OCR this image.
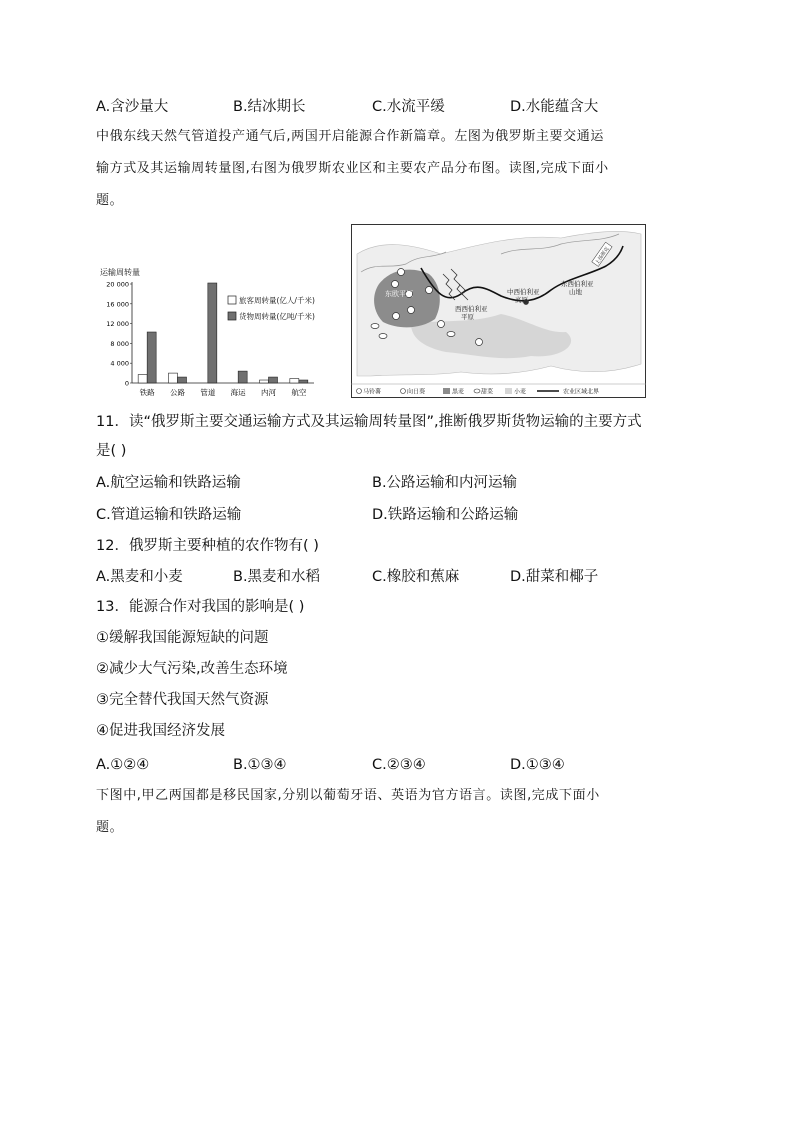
A.含沙量大	B.结冰期长	C.水流平缓	D.水能蕴含大
中俄东线天然气管道投产通气后,两国开启能源合作新篇章。左图为俄罗斯主要交通运
输方式及其运输周转量图,右图为俄罗斯农业区和主要农产品分布图。读图,完成下面小
题。
运输周转量
20 000
16 000
12 000
8 000
4 000
0
铁路 公路 管道 海运 内河 航空
旅客周转量(亿人/千米)
货物周转量(亿吨/千米)
东欧平原
西西伯利亚平原
中西伯利亚高原
东西伯利亚山地
上扬斯克
马铃薯	向日葵	黑麦	甜菜	小麦	农业区域北界
11．读“俄罗斯主要交通运输方式及其运输周转量图”,推断俄罗斯货物运输的主要方式
是( )
A.航空运输和铁路运输	B.公路运输和内河运输
C.管道运输和铁路运输	D.铁路运输和公路运输
12．俄罗斯主要种植的农作物有( )
A.黑麦和小麦	B.黑麦和水稻	C.橡胶和蕉麻	D.甜菜和椰子
13．能源合作对我国的影响是( )
①缓解我国能源短缺的问题
②减少大气污染,改善生态环境
③完全替代我国天然气资源
④促进我国经济发展
A.①②④	B.①③④	C.②③④	D.①③④
下图中,甲乙两国都是移民国家,分别以葡萄牙语、英语为官方语言。读图,完成下面小
题。
